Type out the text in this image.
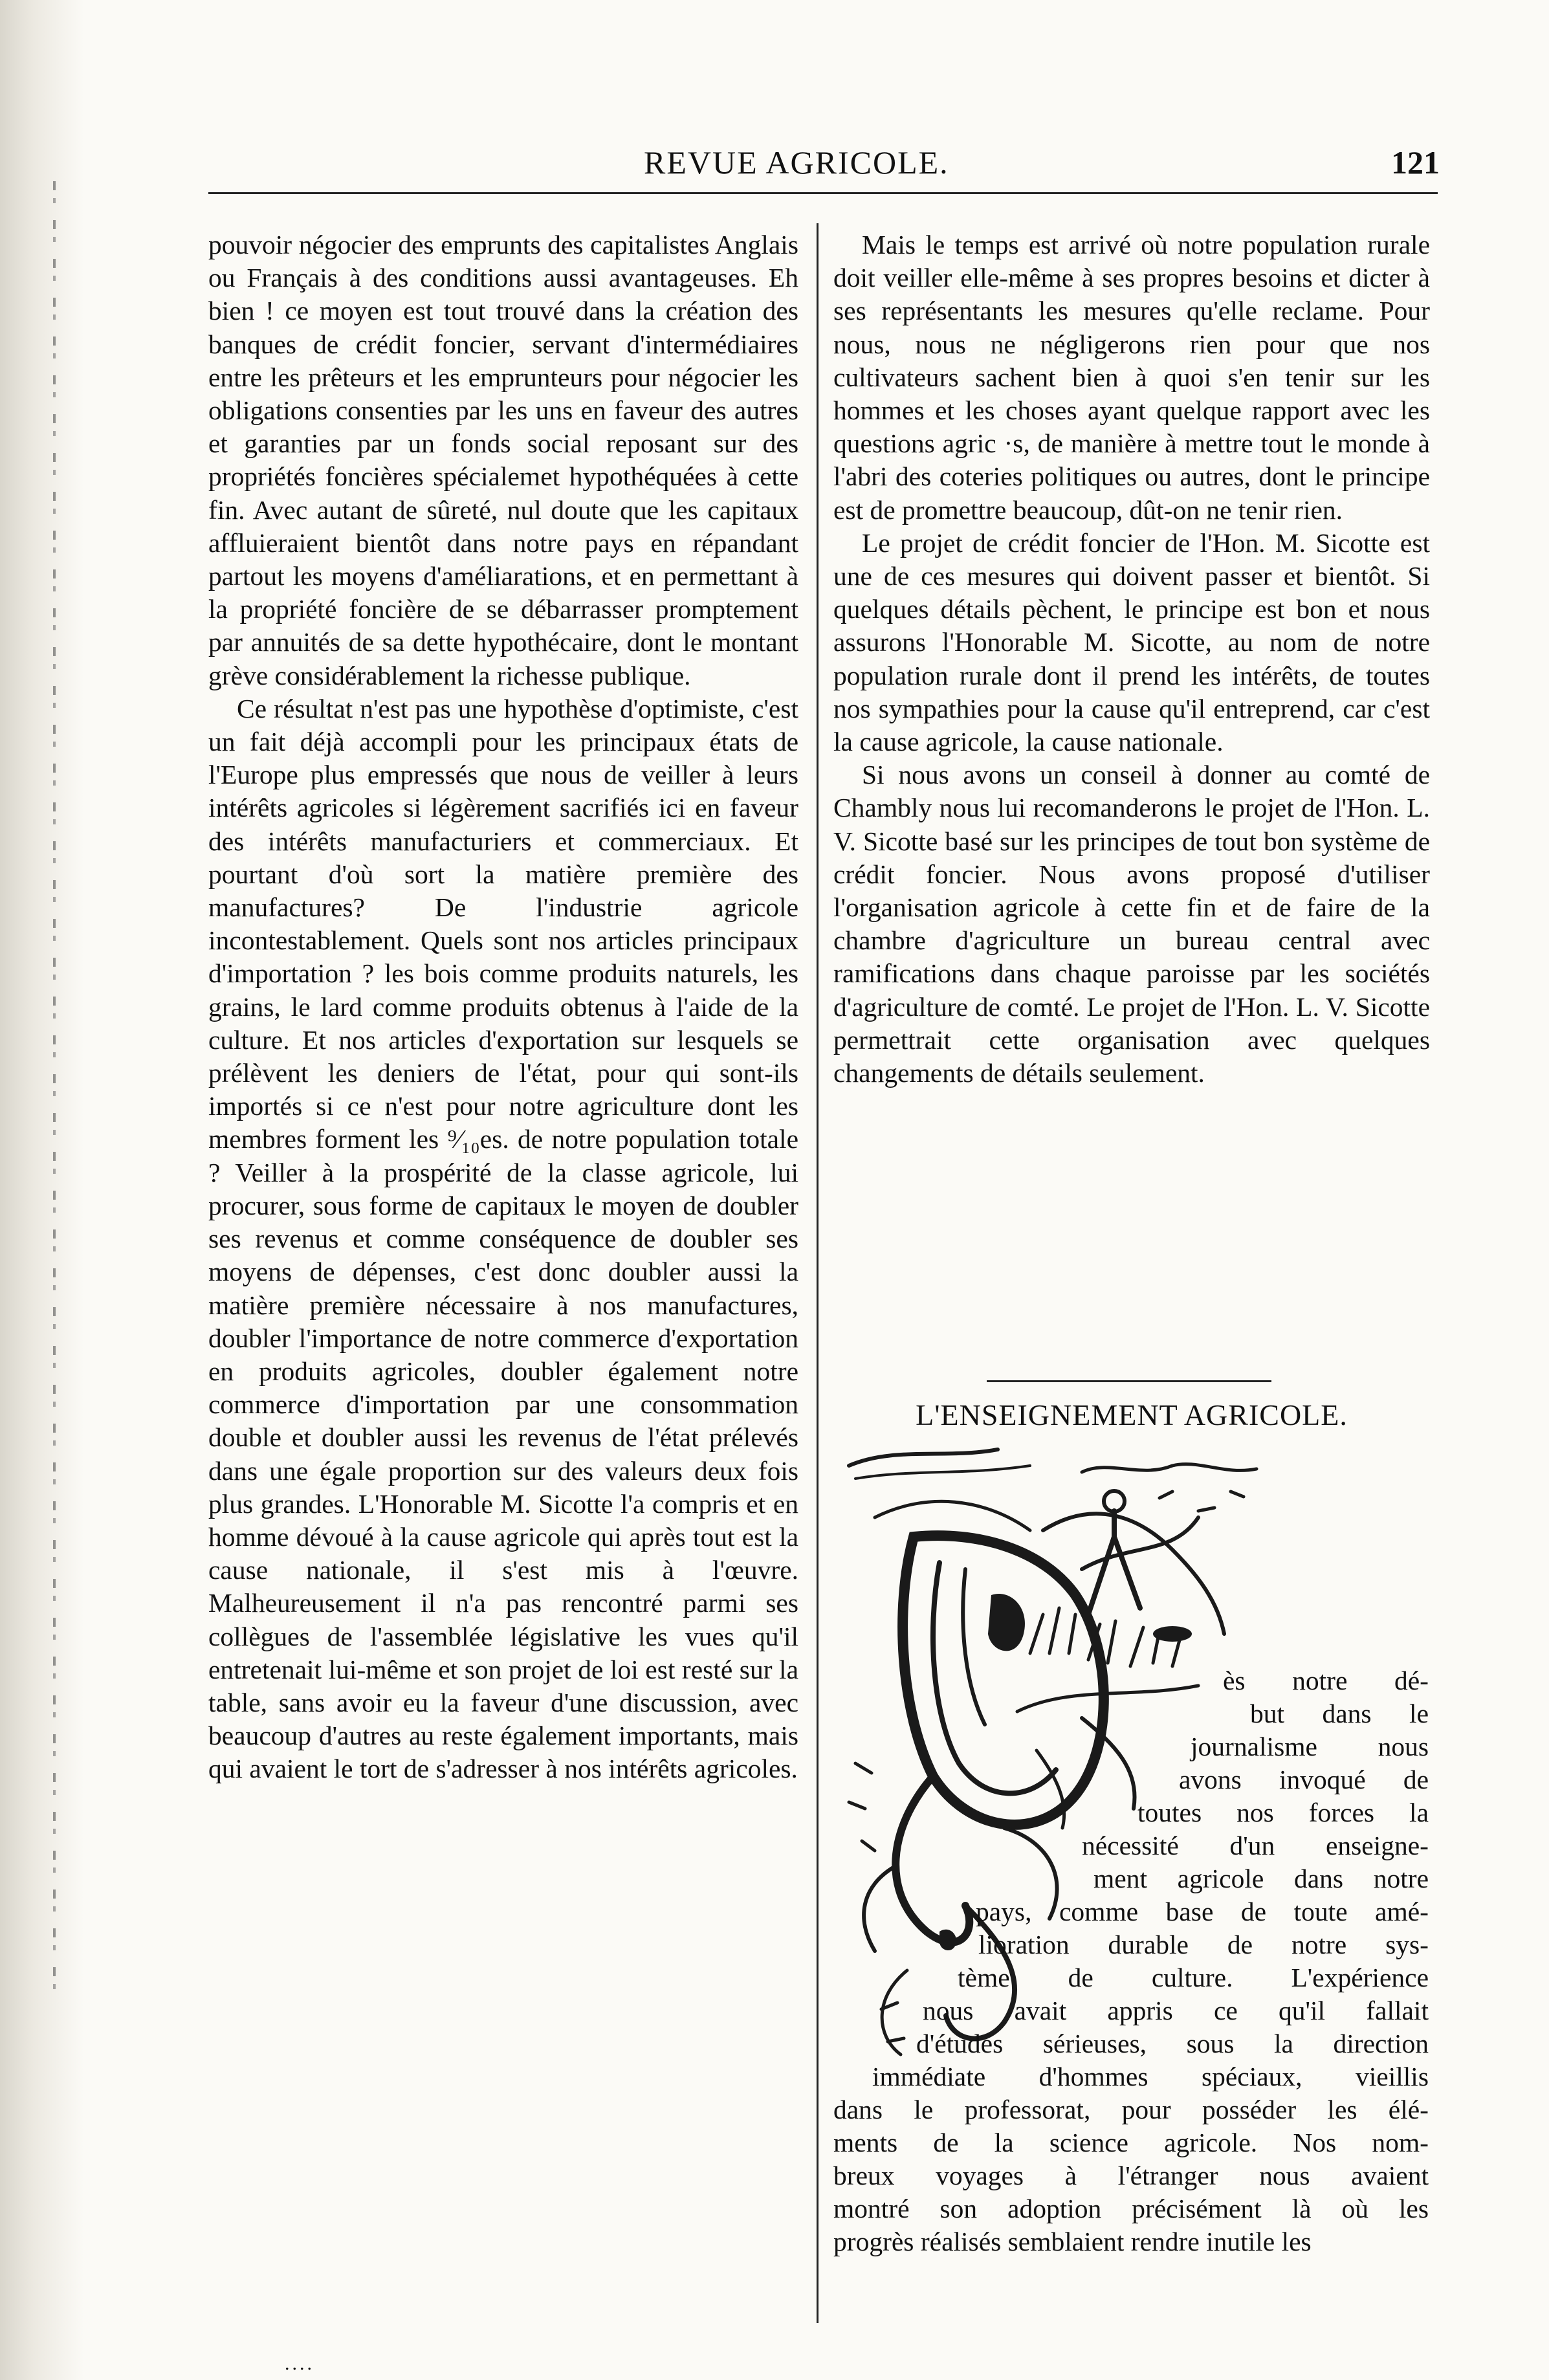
REVUE AGRICOLE.	121

pouvoir négocier des emprunts des capitalistes Anglais ou Français à des conditions aussi avantageuses. Eh bien ! ce moyen est tout trouvé dans la création des banques de crédit foncier, servant d'intermédiaires entre les prêteurs et les emprunteurs pour négocier les obligations consenties par les uns en faveur des autres et garanties par un fonds social reposant sur des propriétés foncières spécialemet hypothéquées à cette fin. Avec autant de sûreté, nul doute que les capitaux affluieraient bientôt dans notre pays en répandant partout les moyens d'améliarations, et en permettant à la propriété foncière de se débarrasser promptement par annuités de sa dette hypothécaire, dont le montant grève considérablement la richesse publique.

Ce résultat n'est pas une hypothèse d'optimiste, c'est un fait déjà accompli pour les principaux états de l'Europe plus empressés que nous de veiller à leurs intérêts agricoles si légèrement sacrifiés ici en faveur des intérêts manufacturiers et commerciaux. Et pourtant d'où sort la matière première des manufactures? De l'industrie agricole incontestablement. Quels sont nos articles principaux d'importation ? les bois comme produits naturels, les grains, le lard comme produits obtenus à l'aide de la culture. Et nos articles d'exportation sur lesquels se prélèvent les deniers de l'état, pour qui sont-ils importés si ce n'est pour notre agriculture dont les membres forment les ⁹⁄₁₀es. de notre population totale ? Veiller à la prospérité de la classe agricole, lui procurer, sous forme de capitaux le moyen de doubler ses revenus et comme conséquence de doubler ses moyens de dépenses, c'est donc doubler aussi la matière première nécessaire à nos manufactures, doubler l'importance de notre commerce d'exportation en produits agricoles, doubler également notre commerce d'importation par une consommation double et doubler aussi les revenus de l'état prélevés dans une égale proportion sur des valeurs deux fois plus grandes. L'Honorable M. Sicotte l'a compris et en homme dévoué à la cause agricole qui après tout est la cause nationale, il s'est mis à l'œuvre. Malheureusement il n'a pas rencontré parmi ses collègues de l'assemblée législative les vues qu'il entretenait lui-même et son projet de loi est resté sur la table, sans avoir eu la faveur d'une discussion, avec beaucoup d'autres au reste également importants, mais qui avaient le tort de s'adresser à nos intérêts agricoles.

Mais le temps est arrivé où notre population rurale doit veiller elle-même à ses propres besoins et dicter à ses représentants les mesures qu'elle reclame. Pour nous, nous ne négligerons rien pour que nos cultivateurs sachent bien à quoi s'en tenir sur les hommes et les choses ayant quelque rapport avec les questions agric ·s, de manière à mettre tout le monde à l'abri des coteries politiques ou autres, dont le principe est de promettre beaucoup, dût-on ne tenir rien.

Le projet de crédit foncier de l'Hon. M. Sicotte est une de ces mesures qui doivent passer et bientôt. Si quelques détails pèchent, le principe est bon et nous assurons l'Honorable M. Sicotte, au nom de notre population rurale dont il prend les intérêts, de toutes nos sympathies pour la cause qu'il entreprend, car c'est la cause agricole, la cause nationale.

Si nous avons un conseil à donner au comté de Chambly nous lui recomanderons le projet de l'Hon. L. V. Sicotte basé sur les principes de tout bon système de crédit foncier. Nous avons proposé d'utiliser l'organisation agricole à cette fin et de faire de la chambre d'agriculture un bureau central avec ramifications dans chaque paroisse par les sociétés d'agriculture de comté. Le projet de l'Hon. L. V. Sicotte permettrait cette organisation avec quelques changements de détails seulement.

L'ENSEIGNEMENT AGRICOLE.
ès notre dé-
but dans le
journalisme nous
avons invoqué de
toutes nos forces la
nécessité d'un enseigne-
ment agricole dans notre
pays, comme base de toute amé-
lioration durable de notre sys-
tème de culture. L'expérience
nous avait appris ce qu'il fallait
d'études sérieuses, sous la direction
immédiate d'hommes spéciaux, vieillis
dans le professorat, pour posséder les élé-
ments de la science agricole. Nos nom-
breux voyages à l'étranger nous avaient
montré son adoption précisément là où les
progrès réalisés semblaient rendre inutile les
....
